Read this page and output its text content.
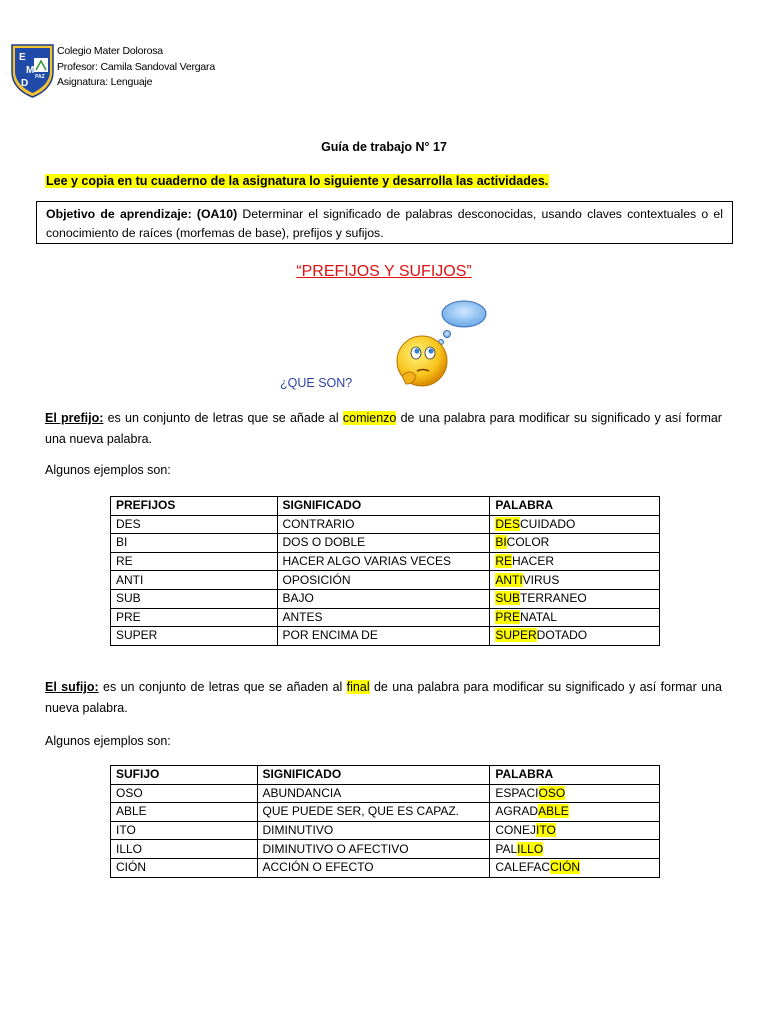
E
M
D
PAZ
Colegio Mater Dolorosa
Profesor: Camila Sandoval Vergara
Asignatura: Lenguaje
Guía de trabajo N° 17
Lee y copia en tu cuaderno de la asignatura lo siguiente y desarrolla las actividades.
Objetivo de aprendizaje: (OA10) Determinar el significado de palabras desconocidas, usando claves contextuales o el conocimiento de raíces (morfemas de base), prefijos y sufijos.
“PREFIJOS Y SUFIJOS”
¿QUE SON?
El prefijo: es un conjunto de letras que se añade al comienzo de una palabra para modificar su significado y así formar una nueva palabra.
Algunos ejemplos son:
PREFIJOS	SIGNIFICADO	PALABRA
DES	CONTRARIO	DESCUIDADO
BI	DOS O DOBLE	BICOLOR
RE	HACER ALGO VARIAS VECES	REHACER
ANTI	OPOSICIÓN	ANTIVIRUS
SUB	BAJO	SUBTERRANEO
PRE	ANTES	PRENATAL
SUPER	POR ENCIMA DE	SUPERDOTADO
El sufijo: es un conjunto de letras que se añaden al final de una palabra para modificar su significado y así formar una nueva palabra.
Algunos ejemplos son:
SUFIJO	SIGNIFICADO	PALABRA
OSO	ABUNDANCIA	ESPACIOSO
ABLE	QUE PUEDE SER, QUE ES CAPAZ.	AGRADABLE
ITO	DIMINUTIVO	CONEJITO
ILLO	DIMINUTIVO O AFECTIVO	PALILLO
CIÓN	ACCIÓN O EFECTO	CALEFACCIÓN
